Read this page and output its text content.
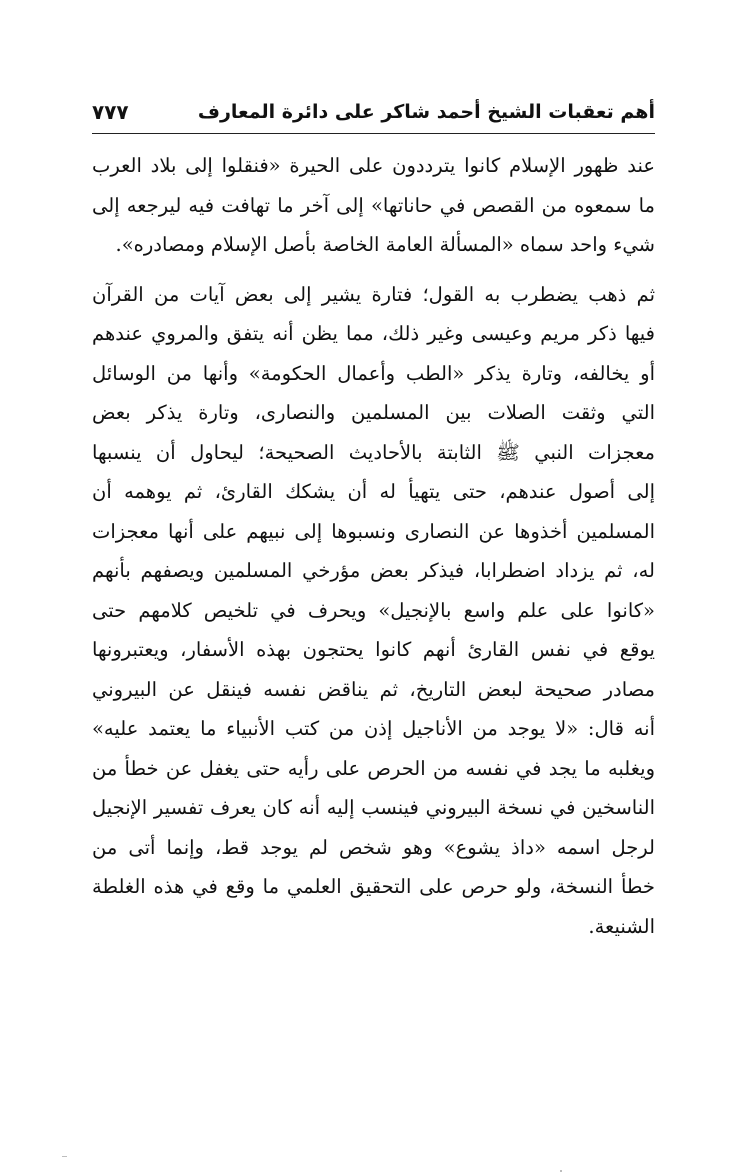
أهم تعقبات الشيخ أحمد شاكر على دائرة المعارف
٧٧٧
عند ظهور الإسلام كانوا يترددون على الحيرة «فنقلوا إلى بلاد العرب
ما سمعوه من القصص في حاناتها» إلى آخر ما تهافت فيه ليرجعه إلى
شيء واحد سماه «المسألة العامة الخاصة بأصل الإسلام ومصادره».
ثم ذهب يضطرب به القول؛ فتارة يشير إلى بعض آيات من القرآن
فيها ذكر مريم وعيسى وغير ذلك، مما يظن أنه يتفق والمروي عندهم
أو يخالفه، وتارة يذكر «الطب وأعمال الحكومة» وأنها من الوسائل
التي وثقت الصلات بين المسلمين والنصارى، وتارة يذكر بعض
معجزات النبي ﷺ الثابتة بالأحاديث الصحيحة؛ ليحاول أن ينسبها
إلى أصول عندهم، حتى يتهيأ له أن يشكك القارئ، ثم يوهمه أن
المسلمين أخذوها عن النصارى ونسبوها إلى نبيهم على أنها معجزات
له، ثم يزداد اضطرابا، فيذكر بعض مؤرخي المسلمين ويصفهم بأنهم
«كانوا على علم واسع بالإنجيل» ويحرف في تلخيص كلامهم حتى
يوقع في نفس القارئ أنهم كانوا يحتجون بهذه الأسفار، ويعتبرونها
مصادر صحيحة لبعض التاريخ، ثم يناقض نفسه فينقل عن البيروني
أنه قال: «لا يوجد من الأناجيل إذن من كتب الأنبياء ما يعتمد عليه»
ويغلبه ما يجد في نفسه من الحرص على رأيه حتى يغفل عن خطأ من
الناسخين في نسخة البيروني فينسب إليه أنه كان يعرف تفسير الإنجيل
لرجل اسمه «داذ يشوع» وهو شخص لم يوجد قط، وإنما أتى من
خطأ النسخة، ولو حرص على التحقيق العلمي ما وقع في هذه الغلطة
الشنيعة.
